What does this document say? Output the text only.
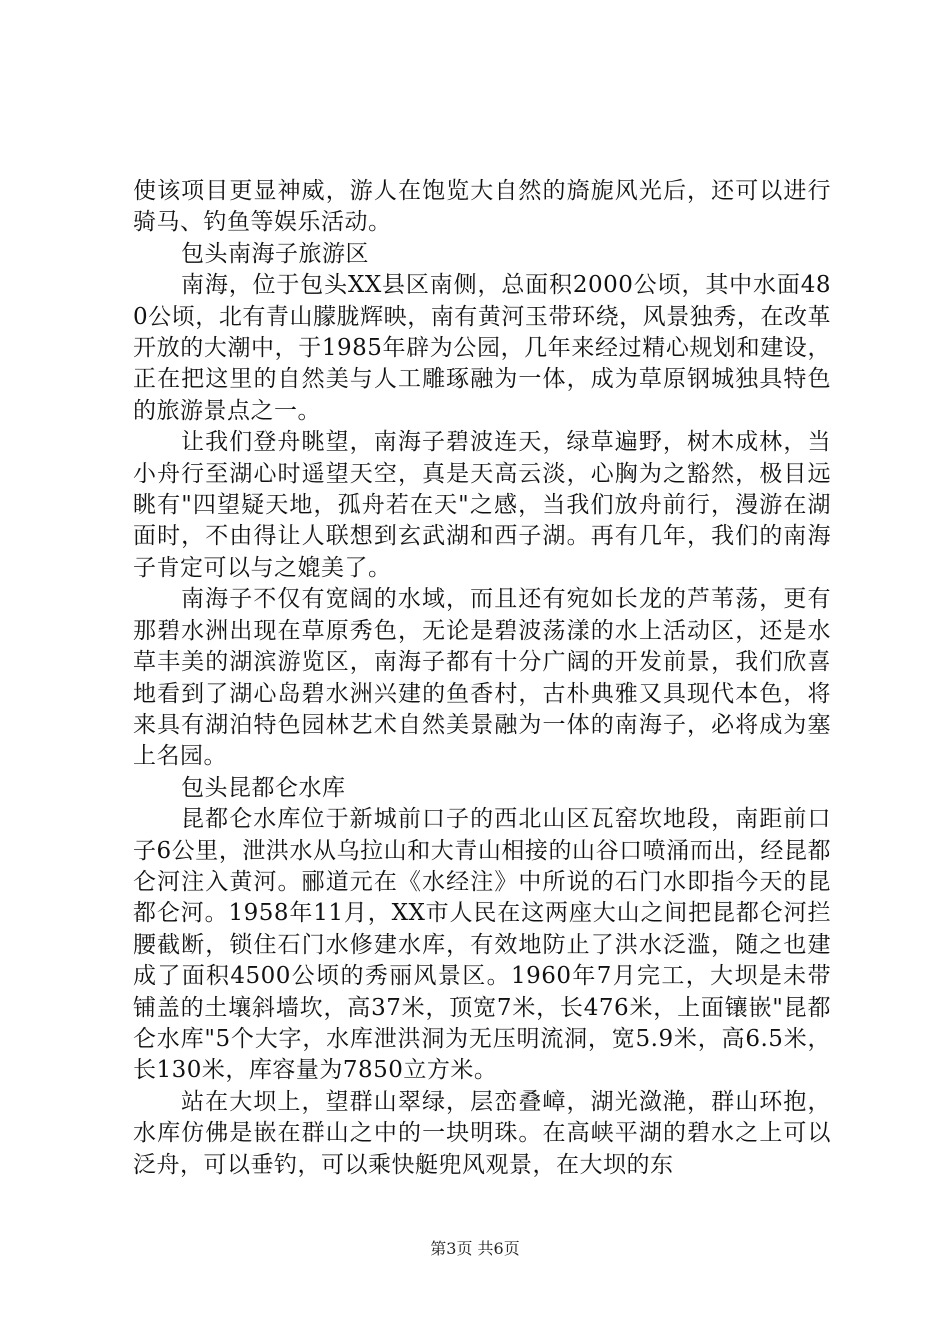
使该项目更显神威，游人在饱览大自然的旖旎风光后，还可以进行骑马、钓鱼等娱乐活动。

包头南海子旅游区

南海，位于包头XX县区南侧，总面积2000公顷，其中水面480公顷，北有青山朦胧辉映，南有黄河玉带环绕，风景独秀，在改革开放的大潮中，于1985年辟为公园，几年来经过精心规划和建设，正在把这里的自然美与人工雕琢融为一体，成为草原钢城独具特色的旅游景点之一。

让我们登舟眺望，南海子碧波连天，绿草遍野，树木成林，当小舟行至湖心时遥望天空，真是天高云淡，心胸为之豁然，极目远眺有"四望疑天地，孤舟若在天"之感，当我们放舟前行，漫游在湖面时，不由得让人联想到玄武湖和西子湖。再有几年，我们的南海子肯定可以与之媲美了。

南海子不仅有宽阔的水域，而且还有宛如长龙的芦苇荡，更有那碧水洲出现在草原秀色，无论是碧波荡漾的水上活动区，还是水草丰美的湖滨游览区，南海子都有十分广阔的开发前景，我们欣喜地看到了湖心岛碧水洲兴建的鱼香村，古朴典雅又具现代本色，将来具有湖泊特色园林艺术自然美景融为一体的南海子，必将成为塞上名园。

包头昆都仑水库

昆都仑水库位于新城前口子的西北山区瓦窑坎地段，南距前口子6公里，泄洪水从乌拉山和大青山相接的山谷口喷涌而出，经昆都仑河注入黄河。郦道元在《水经注》中所说的石门水即指今天的昆都仑河。1958年11月，XX市人民在这两座大山之间把昆都仑河拦腰截断，锁住石门水修建水库，有效地防止了洪水泛滥，随之也建成了面积4500公顷的秀丽风景区。1960年7月完工，大坝是未带铺盖的土壤斜墙坎，高37米，顶宽7米，长476米，上面镶嵌"昆都仑水库"5个大字，水库泄洪洞为无压明流洞，宽5.9米，高6.5米，长130米，库容量为7850立方米。

站在大坝上，望群山翠绿，层峦叠嶂，湖光潋滟，群山环抱，水库仿佛是嵌在群山之中的一块明珠。在高峡平湖的碧水之上可以泛舟，可以垂钓，可以乘快艇兜风观景，在大坝的东

第3页 共6页
